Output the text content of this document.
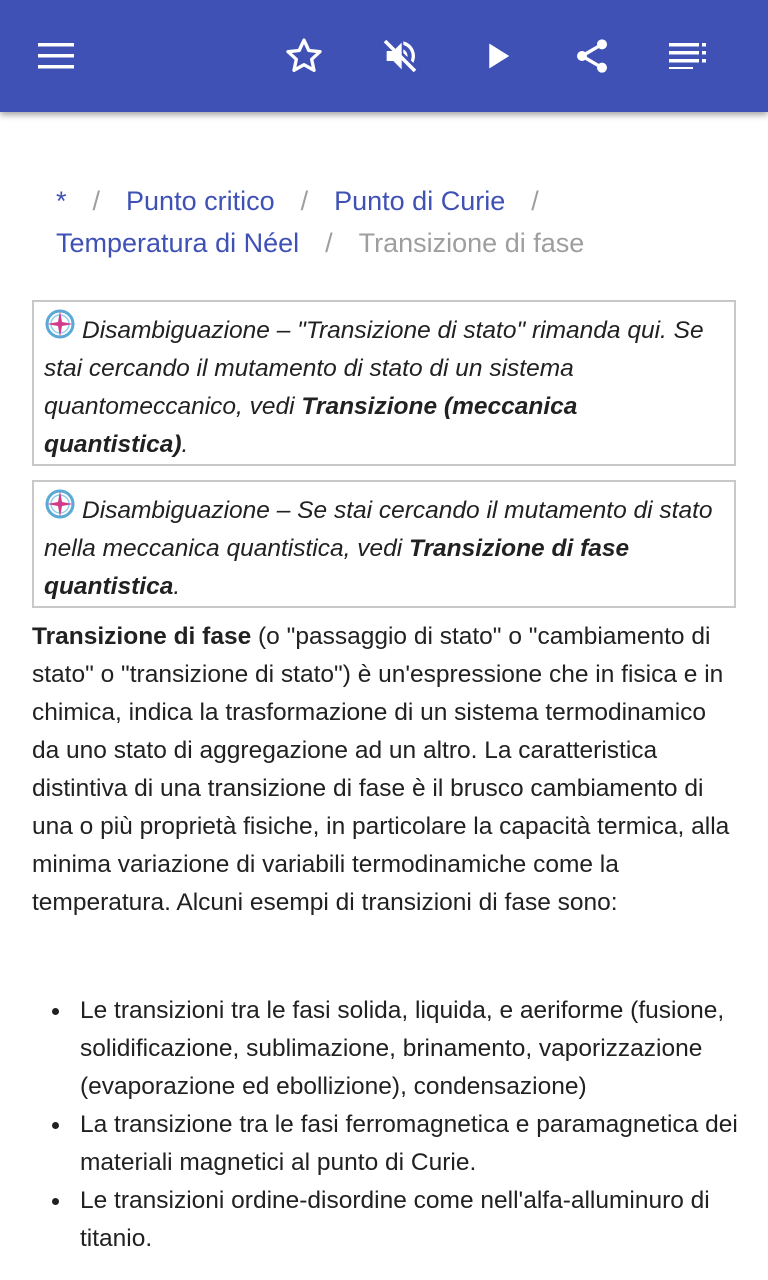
* / Punto critico / Punto di Curie /
Temperatura di Néel / Transizione di fase
Disambiguazione – "Transizione di stato" rimanda qui. Se stai cercando il mutamento di stato di un sistema quantomeccanico, vedi Transizione (meccanica quantistica).
Disambiguazione – Se stai cercando il mutamento di stato nella meccanica quantistica, vedi Transizione di fase quantistica.

Transizione di fase (o "passaggio di stato" o "cambiamento di stato" o "transizione di stato") è un'espressione che in fisica e in chimica, indica la trasformazione di un sistema termodinamico da uno stato di aggregazione ad un altro. La caratteristica distintiva di una transizione di fase è il brusco cambiamento di una o più proprietà fisiche, in particolare la capacità termica, alla minima variazione di variabili termodinamiche come la temperatura. Alcuni esempi di transizioni di fase sono:

Le transizioni tra le fasi solida, liquida, e aeriforme (fusione, solidificazione, sublimazione, brinamento, vaporizzazione (evaporazione ed ebollizione), condensazione)
La transizione tra le fasi ferromagnetica e paramagnetica dei materiali magnetici al punto di Curie.
Le transizioni ordine-disordine come nell'alfa-alluminuro di titanio.
